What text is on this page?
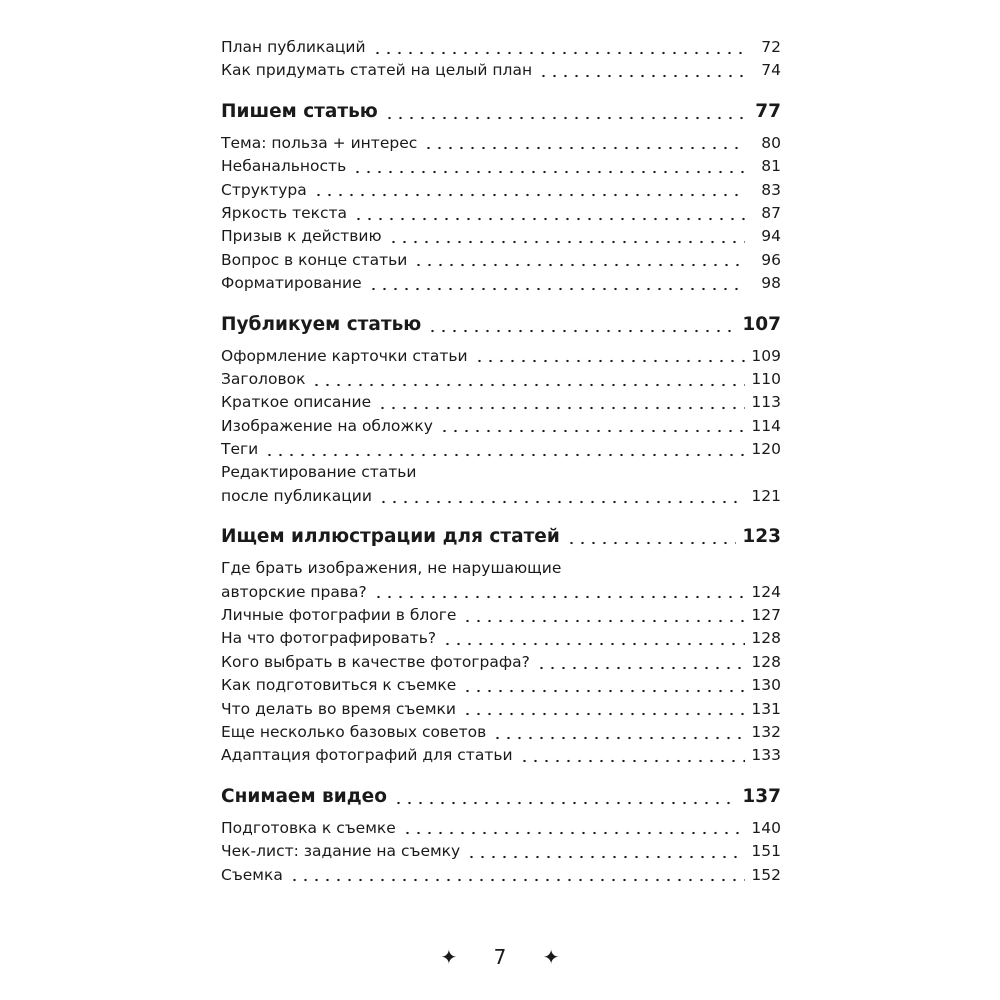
План публикаций	72
Как придумать статей на целый план	74
Пишем статью	77
Тема: польза + интерес	80
Небанальность	81
Структура	83
Яркость текста	87
Призыв к действию	94
Вопрос в конце статьи	96
Форматирование	98
Публикуем статью	107
Оформление карточки статьи	109
Заголовок	110
Краткое описание	113
Изображение на обложку	114
Теги	120
Редактирование статьи
после публикации	121
Ищем иллюстрации для статей	123
Где брать изображения, не нарушающие
авторские права?	124
Личные фотографии в блоге	127
На что фотографировать?	128
Кого выбрать в качестве фотографа?	128
Как подготовиться к съемке	130
Что делать во время съемки	131
Еще несколько базовых советов	132
Адаптация фотографий для статьи	133
Снимаем видео	137
Подготовка к съемке	140
Чек-лист: задание на съемку	151
Съемка	152
✦ 7 ✦
